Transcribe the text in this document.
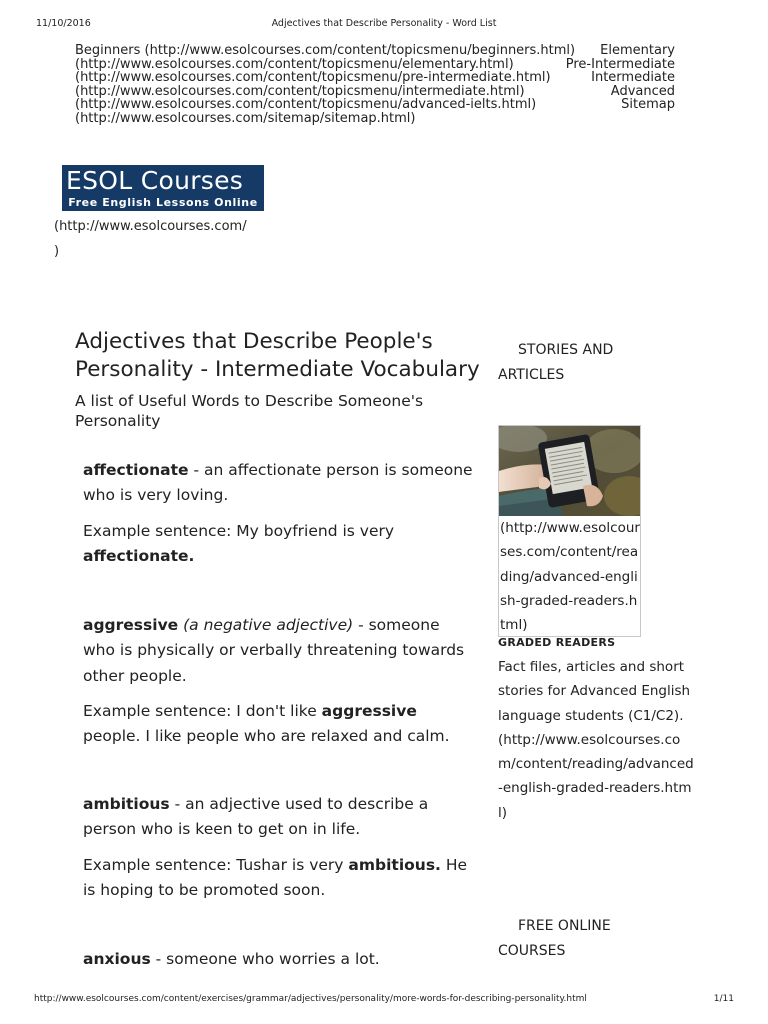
11/10/2016	Adjectives that Describe Personality - Word List
Beginners (http://www.esolcourses.com/content/topicsmenu/beginners.html) Elementary
(http://www.esolcourses.com/content/topicsmenu/elementary.html)	Pre-Intermediate
(http://www.esolcourses.com/content/topicsmenu/pre-intermediate.html)	Intermediate
(http://www.esolcourses.com/content/topicsmenu/intermediate.html)	Advanced
(http://www.esolcourses.com/content/topicsmenu/advanced-ielts.html)	Sitemap
(http://www.esolcourses.com/sitemap/sitemap.html)
ESOL Courses
Free English Lessons Online
(http://www.esolcourses.com/
)
Adjectives that Describe People's Personality - Intermediate Vocabulary
A list of Useful Words to Describe Someone's Personality

affectionate - an affectionate person is someone who is very loving.

Example sentence: My boyfriend is very affectionate.

aggressive (a negative adjective) - someone who is physically or verbally threatening towards other people.

Example sentence: I don't like aggressive people. I like people who are relaxed and calm.

ambitious - an adjective used to describe a person who is keen to get on in life.

Example sentence: Tushar is very ambitious. He is hoping to be promoted soon.

anxious - someone who worries a lot.

STORIES AND
ARTICLES
(http://www.esolcourses.com/content/reading/advanced-english-graded-readers.html)
GRADED READERS
Fact files, articles and short stories for Advanced English language students (C1/C2). (http://www.esolcourses.com/content/reading/advanced-english-graded-readers.html)
FREE ONLINE
COURSES
http://www.esolcourses.com/content/exercises/grammar/adjectives/personality/more-words-for-describing-personality.html	1/11
